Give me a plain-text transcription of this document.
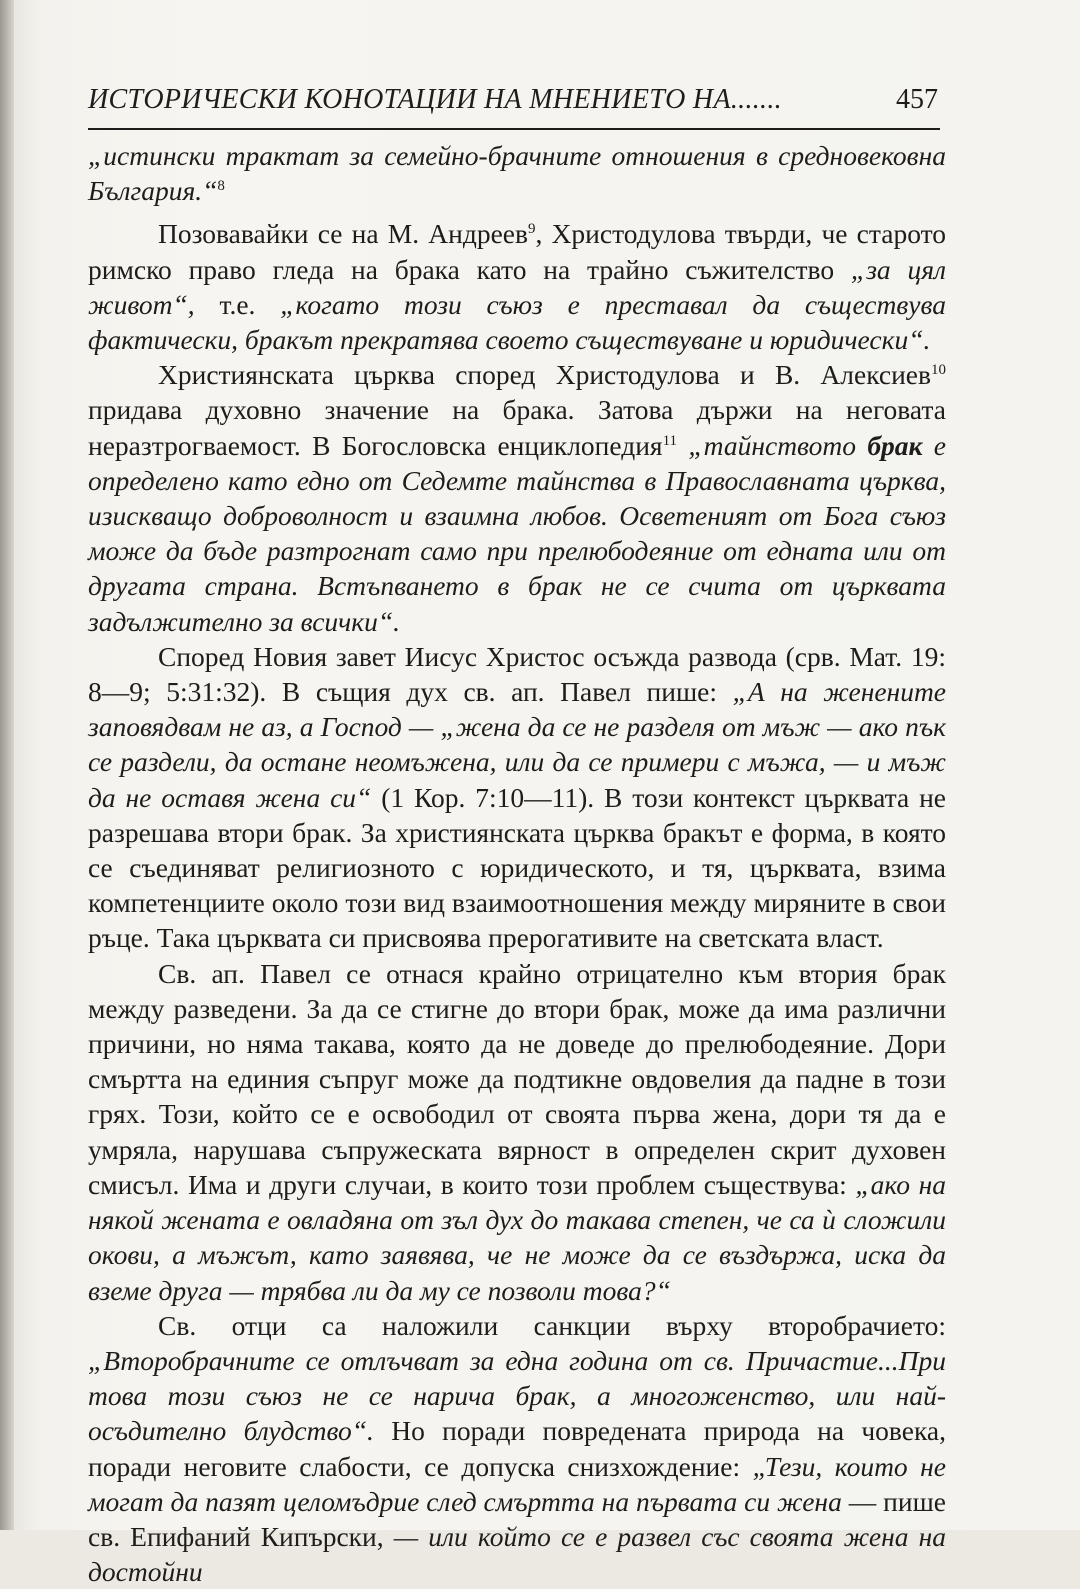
ИСТОРИЧЕСКИ КОНОТАЦИИ НА МНЕНИЕТО НА.......	457

„истински трактат за семейно-брачните отношения в средновековна България.“$^8$

Позовавайки се на М. Андреев$^9$, Христодулова твърди, че старото римско право гледа на брака като на трайно съжителство „за цял живот“, т.е. „когато този съюз е преставал да съществува фактически, бракът прекратява своето съществуване и юридически“.

Християнската църква според Христодулова и В. Алексиев$^{10}$ придава духовно значение на брака. Затова държи на неговата неразтрогваемост. В Богословска енциклопедия$^{11}$ „тайнството брак е определено като едно от Седемте тайнства в Православната църква, изискващо доброволност и взаимна любов. Осветеният от Бога съюз може да бъде разтрогнат само при прелюбодеяние от едната или от другата страна. Встъпването в брак не се счита от църквата задължително за всички“.

Според Новия завет Иисус Христос осъжда развода (срв. Мат. 19: 8—9; 5:31:32). В същия дух св. ап. Павел пише: „А на женените заповядвам не аз, а Господ — „жена да се не разделя от мъж — ако пък се раздели, да остане неомъжена, или да се примери с мъжа, — и мъж да не оставя жена си“ (1 Кор. 7:10—11). В този контекст църквата не разрешава втори брак. За християнската църква бракът е форма, в която се съединяват религиозното с юридическото, и тя, църквата, взима компетенциите около този вид взаимоотношения между миряните в свои ръце. Така църквата си присвоява прерогативите на светската власт.

Св. ап. Павел се отнася крайно отрицателно към втория брак между разведени. За да се стигне до втори брак, може да има различни причини, но няма такава, която да не доведе до прелюбодеяние. Дори смъртта на единия съпруг може да подтикне овдовелия да падне в този грях. Този, който се е освободил от своята първа жена, дори тя да е умряла, нарушава съпружеската вярност в определен скрит духовен смисъл. Има и други случаи, в които този проблем съществува: „ако на някой жената е овладяна от зъл дух до такава степен, че са ѝ сложили окови, а мъжът, като заявява, че не може да се въздържа, иска да вземе друга — трябва ли да му се позволи това?“

Св. отци са наложили санкции върху второбрачието: „Второбрачните се отлъчват за една година от св. Причастие...При това този съюз не се нарича брак, а многоженство, или най-осъдително блудство“. Но поради повредената природа на човека, поради неговите слабости, се допуска снизхождение: „Тези, които не могат да пазят целомъдрие след смъртта на първата си жена — пише св. Епифаний Кипърски, — или който се е развел със своята жена на достойни
